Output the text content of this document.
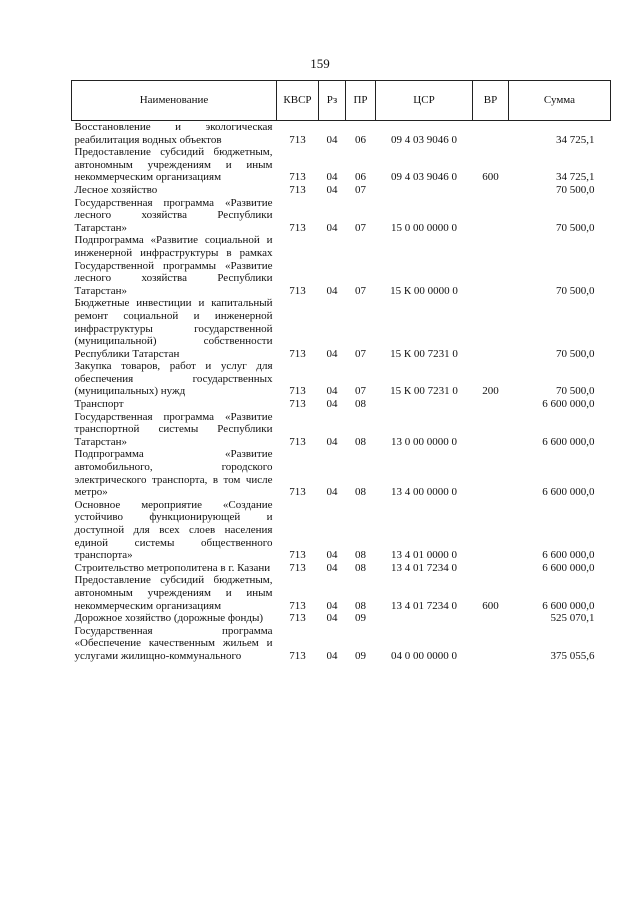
159
Наименование	КВСР	Рз	ПР	ЦСР	ВР	Сумма
Восстановление и экологическая реабилитация водных объектов	713	04	06	09 4 03 9046 0		34 725,1
Предоставление субсидий бюджетным, автономным учреждениям и иным некоммерческим организациям	713	04	06	09 4 03 9046 0	600	34 725,1
Лесное хозяйство	713	04	07			70 500,0
Государственная программа «Развитие лесного хозяйства Республики Татарстан»	713	04	07	15 0 00 0000 0		70 500,0
Подпрограмма «Развитие социальной и инженерной инфраструктуры в рамках Государственной программы «Развитие лесного хозяйства Республики Татарстан»	713	04	07	15 К 00 0000 0		70 500,0
Бюджетные инвестиции и капитальный ремонт социальной и инженерной инфраструктуры государственной (муниципальной) собственности Республики Татарстан	713	04	07	15 К 00 7231 0		70 500,0
Закупка товаров, работ и услуг для обеспечения государственных (муниципальных) нужд	713	04	07	15 К 00 7231 0	200	70 500,0
Транспорт	713	04	08			6 600 000,0
Государственная программа «Развитие транспортной системы Республики Татарстан»	713	04	08	13 0 00 0000 0		6 600 000,0
Подпрограмма «Развитие автомобильного, городского электрического транспорта, в том числе метро»	713	04	08	13 4 00 0000 0		6 600 000,0
Основное мероприятие «Создание устойчиво функционирующей и доступной для всех слоев населения единой системы общественного транспорта»	713	04	08	13 4 01 0000 0		6 600 000,0
Строительство метрополитена в г. Казани	713	04	08	13 4 01 7234 0		6 600 000,0
Предоставление субсидий бюджетным, автономным учреждениям и иным некоммерческим организациям	713	04	08	13 4 01 7234 0	600	6 600 000,0
Дорожное хозяйство (дорожные фонды)	713	04	09			525 070,1
Государственная программа «Обеспечение качественным жильем и услугами жилищно-коммунального	713	04	09	04 0 00 0000 0		375 055,6
